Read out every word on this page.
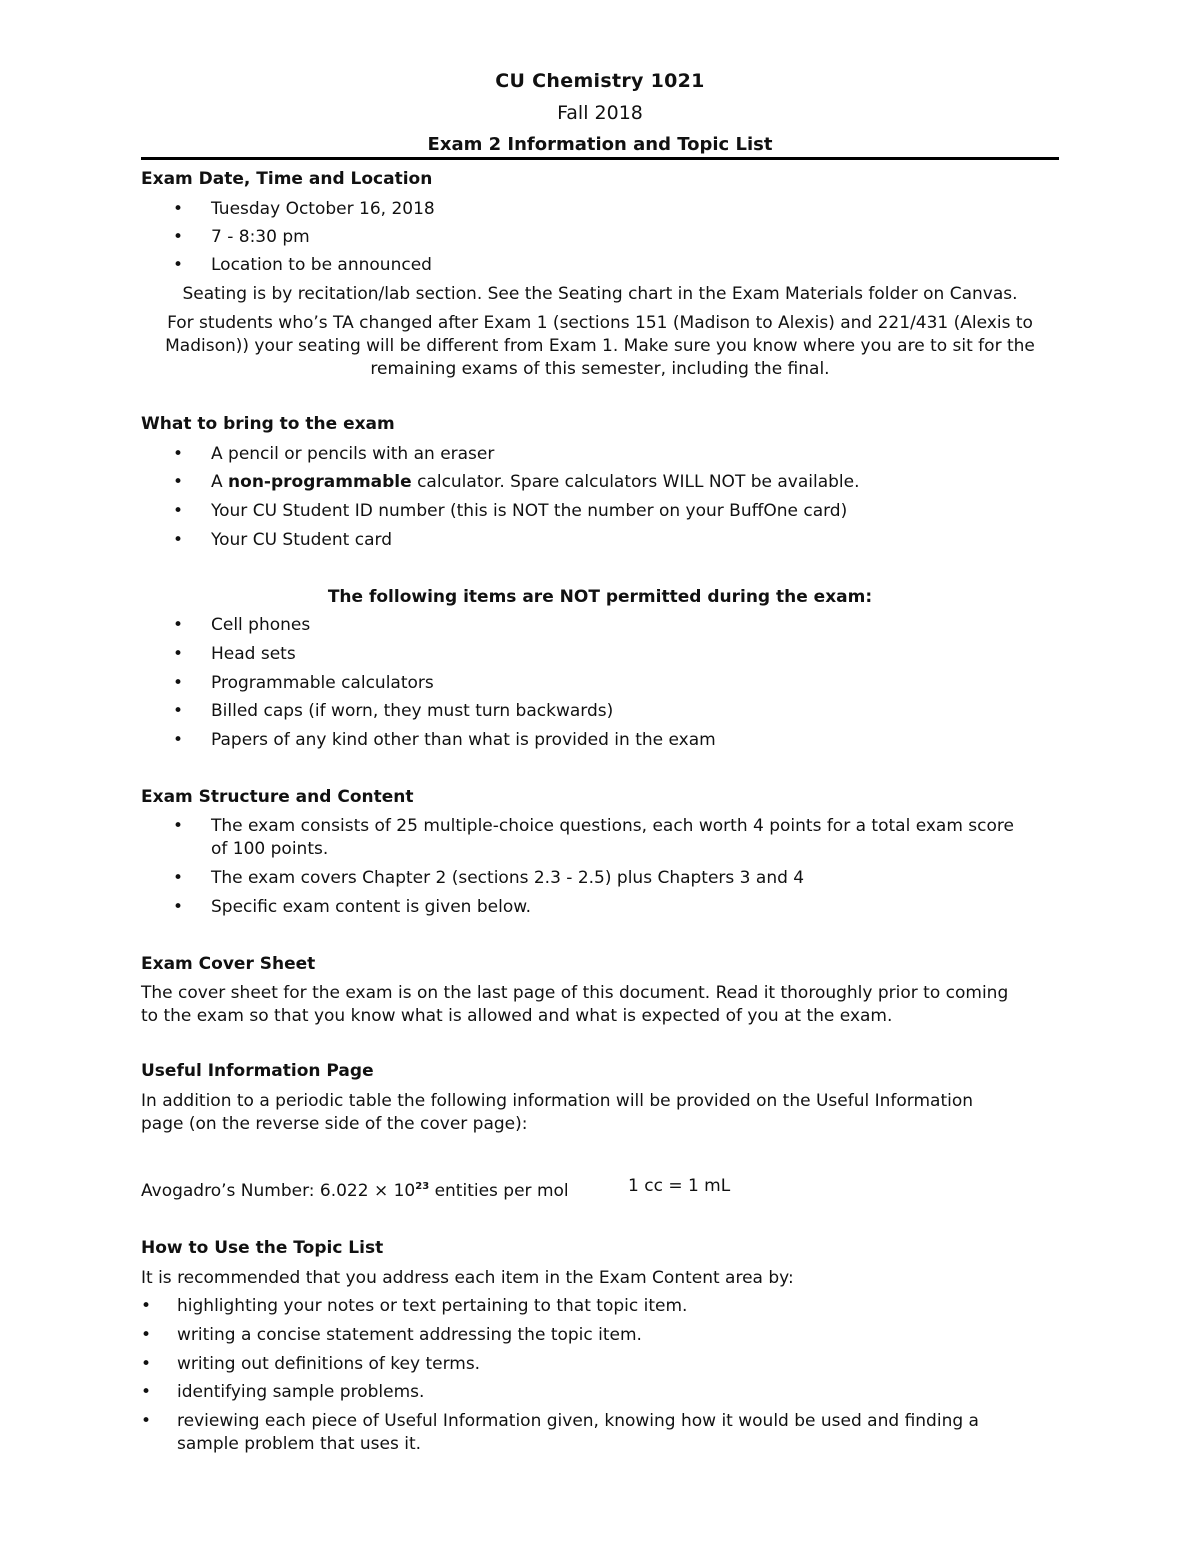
CU Chemistry 1021
Fall 2018
Exam 2 Information and Topic List
Exam Date, Time and Location
• Tuesday October 16, 2018
• 7 - 8:30 pm
• Location to be announced
Seating is by recitation/lab section. See the Seating chart in the Exam Materials folder on Canvas.
For students who’s TA changed after Exam 1 (sections 151 (Madison to Alexis) and 221/431 (Alexis to
Madison)) your seating will be different from Exam 1. Make sure you know where you are to sit for the
remaining exams of this semester, including the final.
What to bring to the exam
• A pencil or pencils with an eraser
• A non-programmable calculator. Spare calculators WILL NOT be available.
• Your CU Student ID number (this is NOT the number on your BuffOne card)
• Your CU Student card
The following items are NOT permitted during the exam:
• Cell phones
• Head sets
• Programmable calculators
• Billed caps (if worn, they must turn backwards)
• Papers of any kind other than what is provided in the exam
Exam Structure and Content
• The exam consists of 25 multiple-choice questions, each worth 4 points for a total exam score
of 100 points.
• The exam covers Chapter 2 (sections 2.3 - 2.5) plus Chapters 3 and 4
• Specific exam content is given below.
Exam Cover Sheet
The cover sheet for the exam is on the last page of this document. Read it thoroughly prior to coming
to the exam so that you know what is allowed and what is expected of you at the exam.
Useful Information Page
In addition to a periodic table the following information will be provided on the Useful Information
page (on the reverse side of the cover page):
Avogadro’s Number: $6.022 \times 10^{23}$ entities per mol	1 cc = 1 mL
How to Use the Topic List
It is recommended that you address each item in the Exam Content area by:
• highlighting your notes or text pertaining to that topic item.
• writing a concise statement addressing the topic item.
• writing out definitions of key terms.
• identifying sample problems.
• reviewing each piece of Useful Information given, knowing how it would be used and finding a
sample problem that uses it.
